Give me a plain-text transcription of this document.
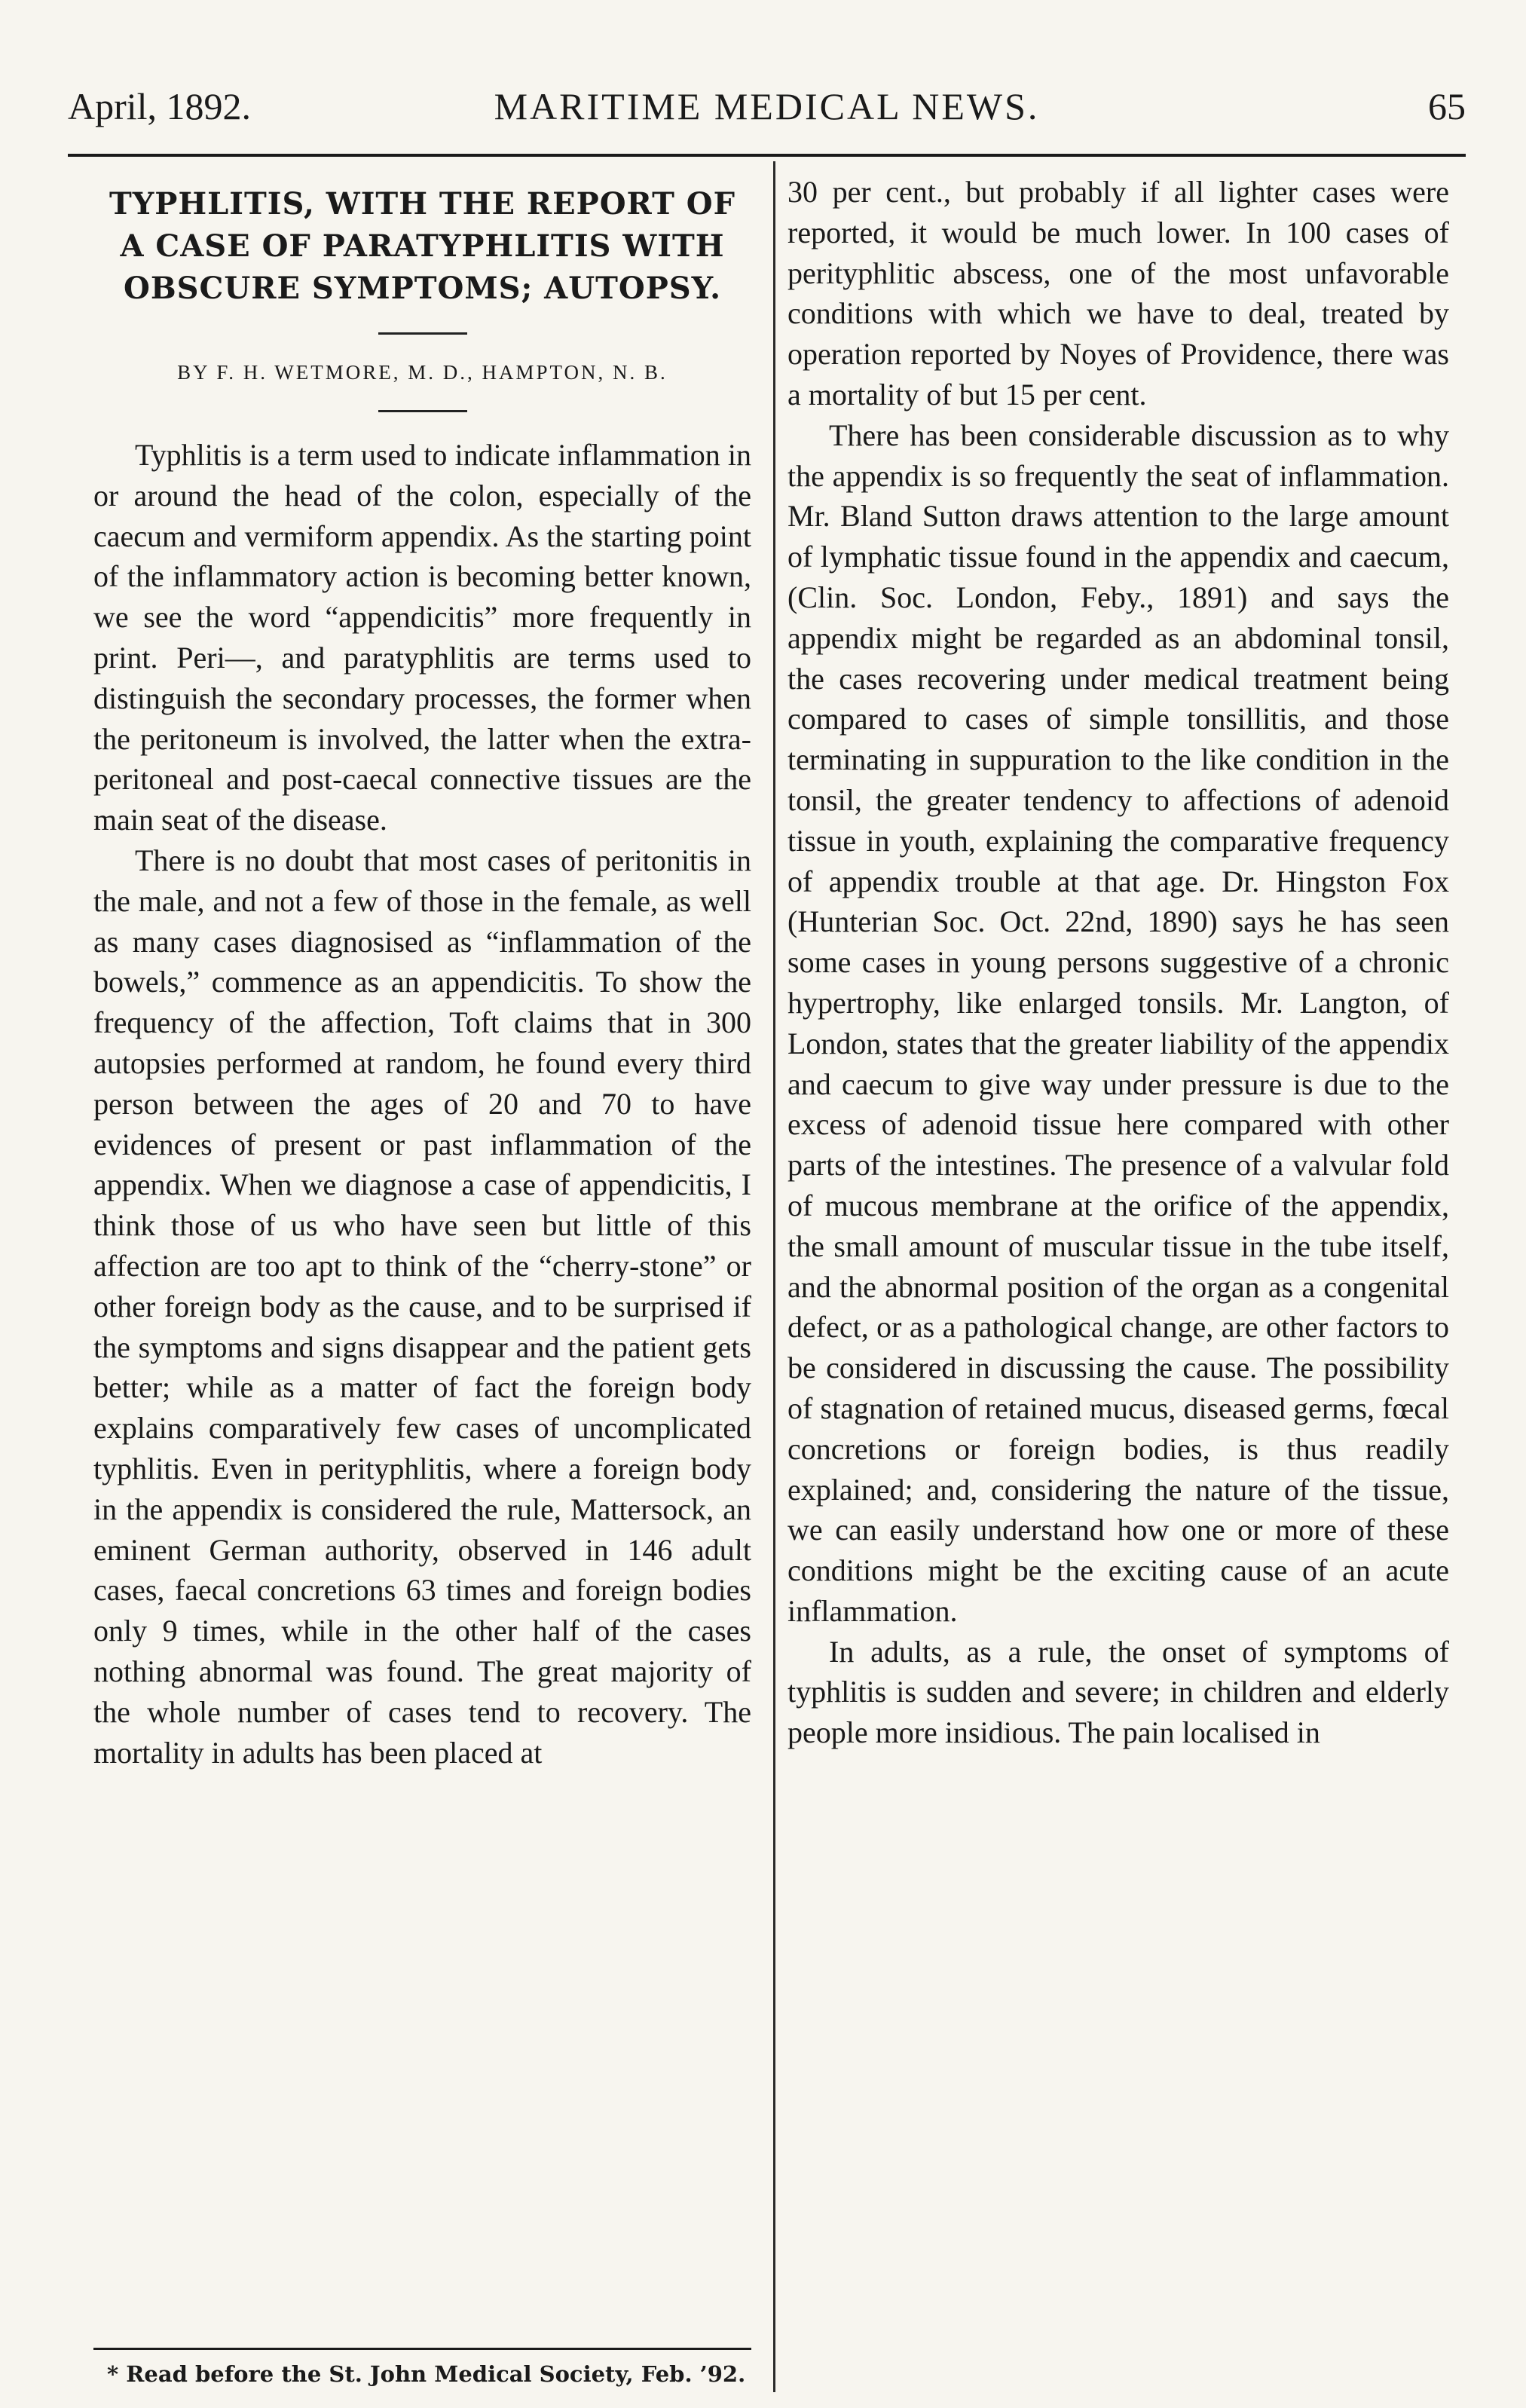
April, 1892.	MARITIME MEDICAL NEWS.	65
TYPHLITIS, WITH THE REPORT OF A CASE OF PARATYPHLITIS WITH OBSCURE SYMPTOMS; AUTOPSY.

BY F. H. WETMORE, M. D., HAMPTON, N. B.

Typhlitis is a term used to indicate inflammation in or around the head of the colon, especially of the caecum and vermiform appendix. As the starting point of the inflammatory action is becoming better known, we see the word “appendicitis” more frequently in print. Peri—, and paratyphlitis are terms used to distinguish the secondary processes, the former when the peritoneum is involved, the latter when the extra-peritoneal and post-caecal connective tissues are the main seat of the disease.

There is no doubt that most cases of peritonitis in the male, and not a few of those in the female, as well as many cases diagnosised as “inflammation of the bowels,” commence as an appendicitis. To show the frequency of the affection, Toft claims that in 300 autopsies performed at random, he found every third person between the ages of 20 and 70 to have evidences of present or past inflammation of the appendix. When we diagnose a case of appendicitis, I think those of us who have seen but little of this affection are too apt to think of the “cherry-stone” or other foreign body as the cause, and to be surprised if the symptoms and signs disappear and the patient gets better; while as a matter of fact the foreign body explains comparatively few cases of uncomplicated typhlitis. Even in perityphlitis, where a foreign body in the appendix is considered the rule, Mattersock, an eminent German authority, observed in 146 adult cases, faecal concretions 63 times and foreign bodies only 9 times, while in the other half of the cases nothing abnormal was found. The great majority of the whole number of cases tend to recovery. The mortality in adults has been placed at

30 per cent., but probably if all lighter cases were reported, it would be much lower. In 100 cases of perityphlitic abscess, one of the most unfavorable conditions with which we have to deal, treated by operation reported by Noyes of Providence, there was a mortality of but 15 per cent.

There has been considerable discussion as to why the appendix is so frequently the seat of inflammation. Mr. Bland Sutton draws attention to the large amount of lymphatic tissue found in the appendix and caecum, (Clin. Soc. London, Feby., 1891) and says the appendix might be regarded as an abdominal tonsil, the cases recovering under medical treatment being compared to cases of simple tonsillitis, and those terminating in suppuration to the like condition in the tonsil, the greater tendency to affections of adenoid tissue in youth, explaining the comparative frequency of appendix trouble at that age. Dr. Hingston Fox (Hunterian Soc. Oct. 22nd, 1890) says he has seen some cases in young persons suggestive of a chronic hypertrophy, like enlarged tonsils. Mr. Langton, of London, states that the greater liability of the appendix and caecum to give way under pressure is due to the excess of adenoid tissue here compared with other parts of the intestines. The presence of a valvular fold of mucous membrane at the orifice of the appendix, the small amount of muscular tissue in the tube itself, and the abnormal position of the organ as a congenital defect, or as a pathological change, are other factors to be considered in discussing the cause. The possibility of stagnation of retained mucus, diseased germs, fœcal concretions or foreign bodies, is thus readily explained; and, considering the nature of the tissue, we can easily understand how one or more of these conditions might be the exciting cause of an acute inflammation.

In adults, as a rule, the onset of symptoms of typhlitis is sudden and severe; in children and elderly people more insidious. The pain localised in

* Read before the St. John Medical Society, Feb. ’92.
